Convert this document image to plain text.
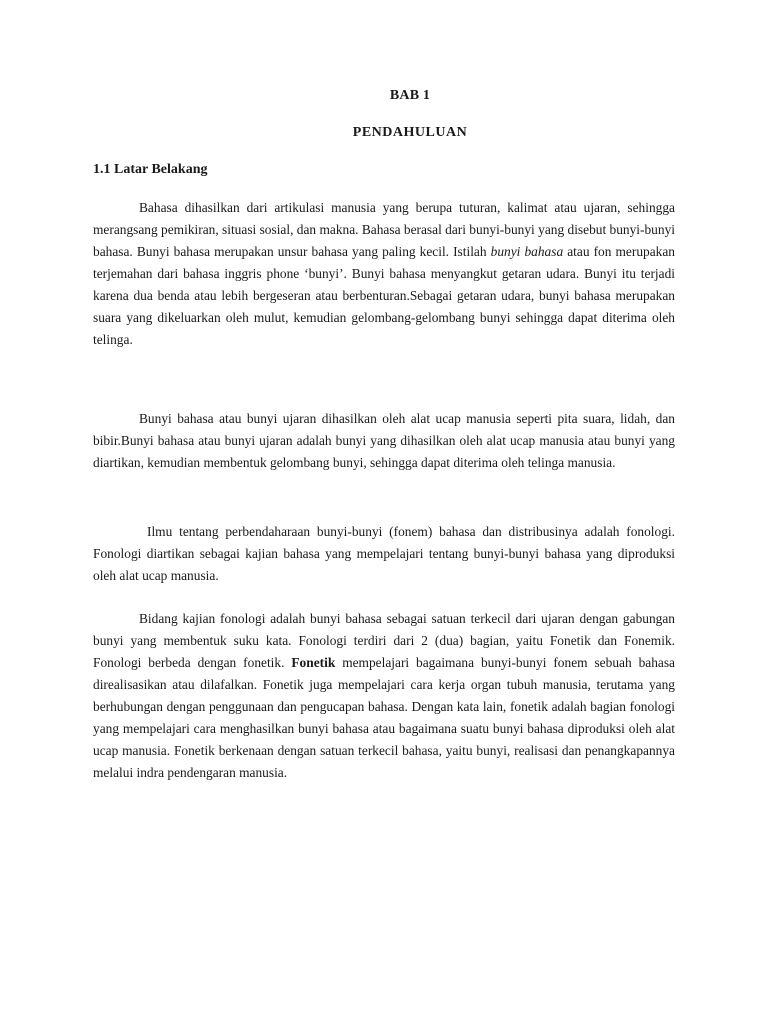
BAB 1
PENDAHULUAN
1.1 Latar Belakang

Bahasa dihasilkan dari artikulasi manusia yang berupa tuturan, kalimat atau ujaran, sehingga merangsang pemikiran, situasi sosial, dan makna. Bahasa berasal dari bunyi-bunyi yang disebut bunyi-bunyi bahasa. Bunyi bahasa merupakan unsur bahasa yang paling kecil. Istilah bunyi bahasa atau fon merupakan terjemahan dari bahasa inggris phone ‘bunyi’. Bunyi bahasa menyangkut getaran udara. Bunyi itu terjadi karena dua benda atau lebih bergeseran atau berbenturan.Sebagai getaran udara, bunyi bahasa merupakan suara yang dikeluarkan oleh mulut, kemudian gelombang-gelombang bunyi sehingga dapat diterima oleh telinga.

Bunyi bahasa atau bunyi ujaran dihasilkan oleh alat ucap manusia seperti pita suara, lidah, dan bibir.Bunyi bahasa atau bunyi ujaran adalah bunyi yang dihasilkan oleh alat ucap manusia atau bunyi yang diartikan, kemudian membentuk gelombang bunyi, sehingga dapat diterima oleh telinga manusia.

Ilmu tentang perbendaharaan bunyi-bunyi (fonem) bahasa dan distribusinya adalah fonologi. Fonologi diartikan sebagai kajian bahasa yang mempelajari tentang bunyi-bunyi bahasa yang diproduksi oleh alat ucap manusia.

Bidang kajian fonologi adalah bunyi bahasa sebagai satuan terkecil dari ujaran dengan gabungan bunyi yang membentuk suku kata. Fonologi terdiri dari 2 (dua) bagian, yaitu Fonetik dan Fonemik. Fonologi berbeda dengan fonetik. Fonetik mempelajari bagaimana bunyi-bunyi fonem sebuah bahasa direalisasikan atau dilafalkan. Fonetik juga mempelajari cara kerja organ tubuh manusia, terutama yang berhubungan dengan penggunaan dan pengucapan bahasa. Dengan kata lain, fonetik adalah bagian fonologi yang mempelajari cara menghasilkan bunyi bahasa atau bagaimana suatu bunyi bahasa diproduksi oleh alat ucap manusia. Fonetik berkenaan dengan satuan terkecil bahasa, yaitu bunyi, realisasi dan penangkapannya melalui indra pendengaran manusia.
